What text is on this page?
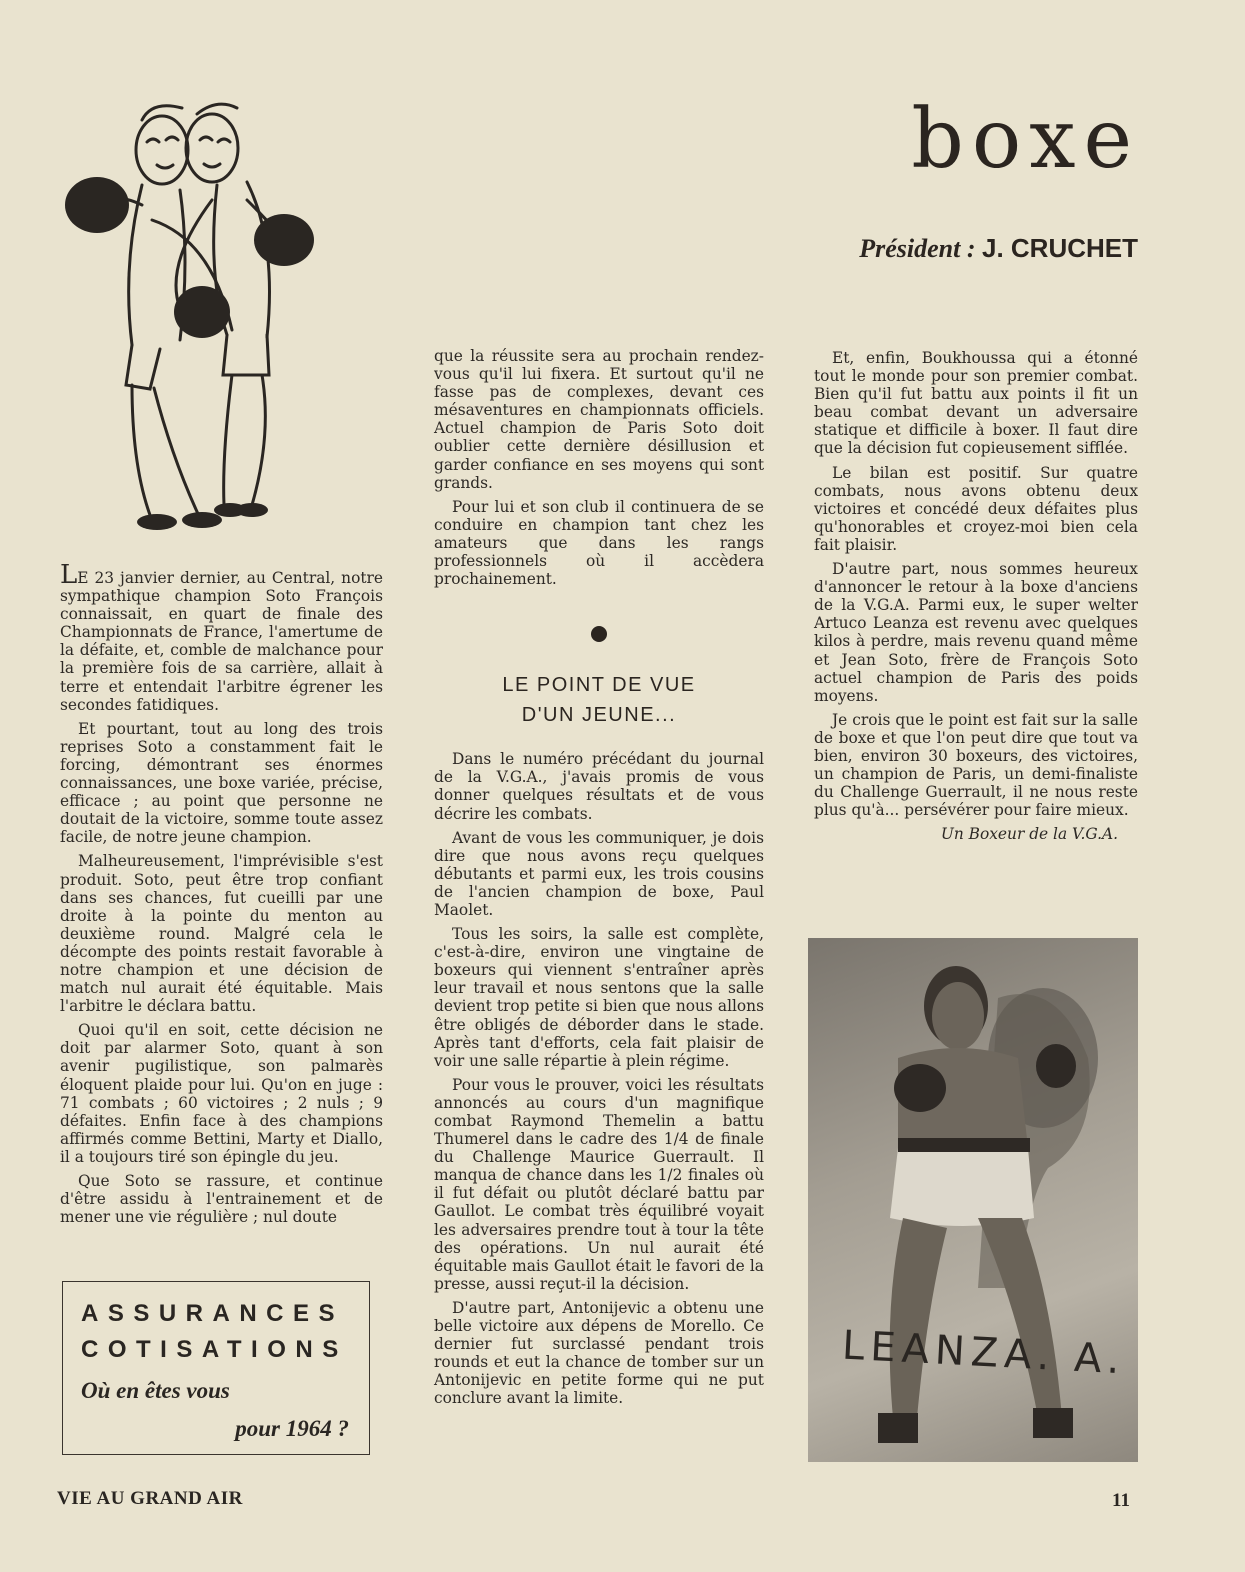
boxe
Président : J. CRUCHET

LE 23 janvier dernier, au Central, notre sympathique champion Soto François connaissait, en quart de finale des Championnats de France, l'amertume de la défaite, et, comble de malchance pour la première fois de sa carrière, allait à terre et entendait l'arbitre égrener les secondes fatidiques.

Et pourtant, tout au long des trois reprises Soto a constamment fait le forcing, démontrant ses énormes connaissances, une boxe variée, précise, efficace ; au point que personne ne doutait de la victoire, somme toute assez facile, de notre jeune champion.

Malheureusement, l'imprévisible s'est produit. Soto, peut être trop confiant dans ses chances, fut cueilli par une droite à la pointe du menton au deuxième round. Malgré cela le décompte des points restait favorable à notre champion et une décision de match nul aurait été équitable. Mais l'arbitre le déclara battu.

Quoi qu'il en soit, cette décision ne doit par alarmer Soto, quant à son avenir pugilistique, son palmarès éloquent plaide pour lui. Qu'on en juge : 71 combats ; 60 victoires ; 2 nuls ; 9 défaites. Enfin face à des champions affirmés comme Bettini, Marty et Diallo, il a toujours tiré son épingle du jeu.

Que Soto se rassure, et continue d'être assidu à l'entrainement et de mener une vie régulière ; nul doute

que la réussite sera au prochain rendez-vous qu'il lui fixera. Et surtout qu'il ne fasse pas de complexes, devant ces mésaventures en championnats officiels. Actuel champion de Paris Soto doit oublier cette dernière désillusion et garder confiance en ses moyens qui sont grands.

Pour lui et son club il continuera de se conduire en champion tant chez les amateurs que dans les rangs professionnels où il accèdera prochainement.

LE POINT DE VUE
D'UN JEUNE...

Dans le numéro précédant du journal de la V.G.A., j'avais promis de vous donner quelques résultats et de vous décrire les combats.

Avant de vous les communiquer, je dois dire que nous avons reçu quelques débutants et parmi eux, les trois cousins de l'ancien champion de boxe, Paul Maolet.

Tous les soirs, la salle est complète, c'est-à-dire, environ une vingtaine de boxeurs qui viennent s'entraîner après leur travail et nous sentons que la salle devient trop petite si bien que nous allons être obligés de déborder dans le stade. Après tant d'efforts, cela fait plaisir de voir une salle répartie à plein régime.

Pour vous le prouver, voici les résultats annoncés au cours d'un magnifique combat Raymond Themelin a battu Thumerel dans le cadre des 1/4 de finale du Challenge Maurice Guerrault. Il manqua de chance dans les 1/2 finales où il fut défait ou plutôt déclaré battu par Gaullot. Le combat très équilibré voyait les adversaires prendre tout à tour la tête des opérations. Un nul aurait été équitable mais Gaullot était le favori de la presse, aussi reçut-il la décision.

D'autre part, Antonijevic a obtenu une belle victoire aux dépens de Morello. Ce dernier fut surclassé pendant trois rounds et eut la chance de tomber sur un Antonijevic en petite forme qui ne put conclure avant la limite.

Et, enfin, Boukhoussa qui a étonné tout le monde pour son premier combat. Bien qu'il fut battu aux points il fit un beau combat devant un adversaire statique et difficile à boxer. Il faut dire que la décision fut copieusement sifflée.

Le bilan est positif. Sur quatre combats, nous avons obtenu deux victoires et concédé deux défaites plus qu'honorables et croyez-moi bien cela fait plaisir.

D'autre part, nous sommes heureux d'annoncer le retour à la boxe d'anciens de la V.G.A. Parmi eux, le super welter Artuco Leanza est revenu avec quelques kilos à perdre, mais revenu quand même et Jean Soto, frère de François Soto actuel champion de Paris des poids moyens.

Je crois que le point est fait sur la salle de boxe et que l'on peut dire que tout va bien, environ 30 boxeurs, des victoires, un champion de Paris, un demi-finaliste du Challenge Guerrault, il ne nous reste plus qu'à... persévérer pour faire mieux.

Un Boxeur de la V.G.A.
ASSURANCES
COTISATIONS
Où en êtes vous
pour 1964 ?
LEANZA. A.
VIE AU GRAND AIR	11
